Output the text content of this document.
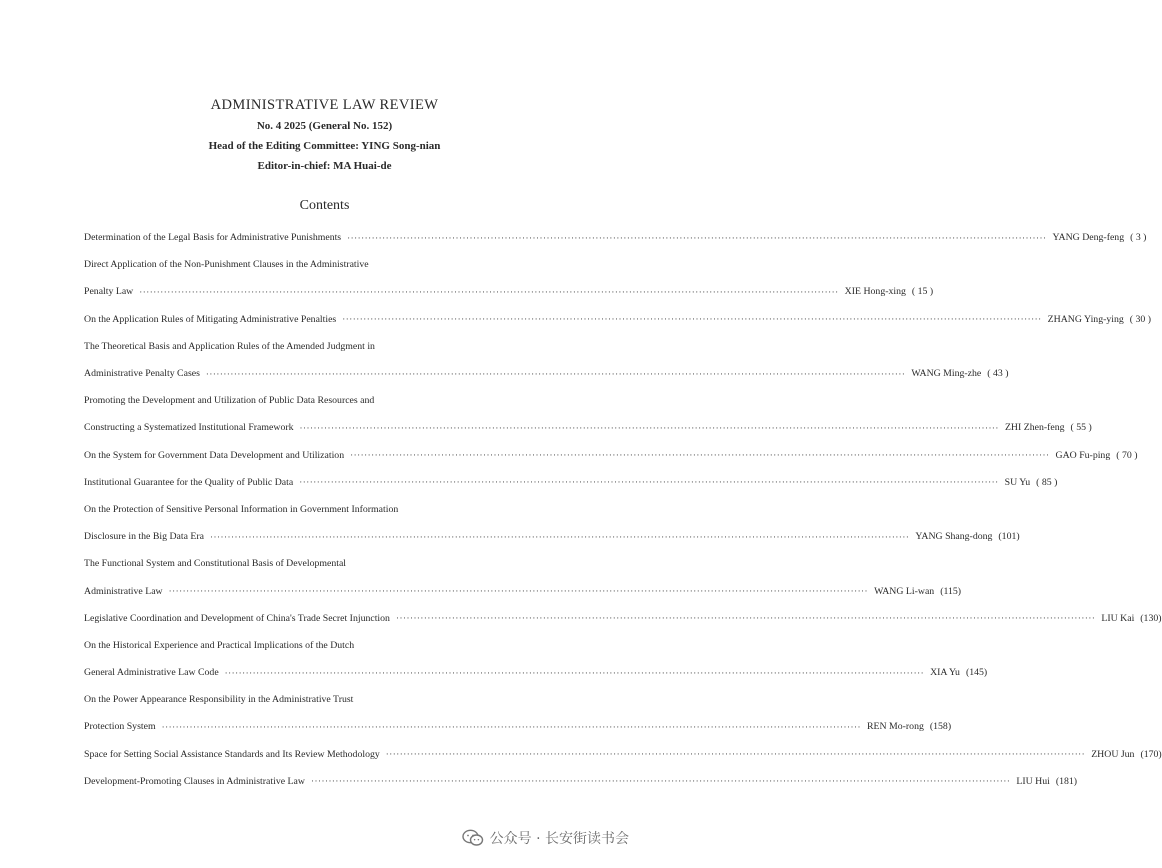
ADMINISTRATIVE LAW REVIEW
No. 4 2025 (General No. 152)
Head of the Editing Committee: YING Song-nian
Editor-in-chief: MA Huai-de
Contents
Determination of the Legal Basis for Administrative Punishments ········································································································································································································ YANG Deng-feng ( 3 )
Direct Application of the Non-Punishment Clauses in the Administrative
Penalty Law ········································································································································································································ XIE Hong-xing ( 15 )
On the Application Rules of Mitigating Administrative Penalties ········································································································································································································ ZHANG Ying-ying ( 30 )
The Theoretical Basis and Application Rules of the Amended Judgment in
Administrative Penalty Cases ········································································································································································································ WANG Ming-zhe ( 43 )
Promoting the Development and Utilization of Public Data Resources and
Constructing a Systematized Institutional Framework ········································································································································································································ ZHI Zhen-feng ( 55 )
On the System for Government Data Development and Utilization ········································································································································································································ GAO Fu-ping ( 70 )
Institutional Guarantee for the Quality of Public Data ········································································································································································································ SU Yu ( 85 )
On the Protection of Sensitive Personal Information in Government Information
Disclosure in the Big Data Era ········································································································································································································ YANG Shang-dong (101)
The Functional System and Constitutional Basis of Developmental
Administrative Law ········································································································································································································ WANG Li-wan (115)
Legislative Coordination and Development of China's Trade Secret Injunction ········································································································································································································ LIU Kai (130)
On the Historical Experience and Practical Implications of the Dutch
General Administrative Law Code ········································································································································································································ XIA Yu (145)
On the Power Appearance Responsibility in the Administrative Trust
Protection System ········································································································································································································ REN Mo-rong (158)
Space for Setting Social Assistance Standards and Its Review Methodology ········································································································································································································ ZHOU Jun (170)
Development-Promoting Clauses in Administrative Law ········································································································································································································ LIU Hui (181)
公众号 · 长安街读书会
